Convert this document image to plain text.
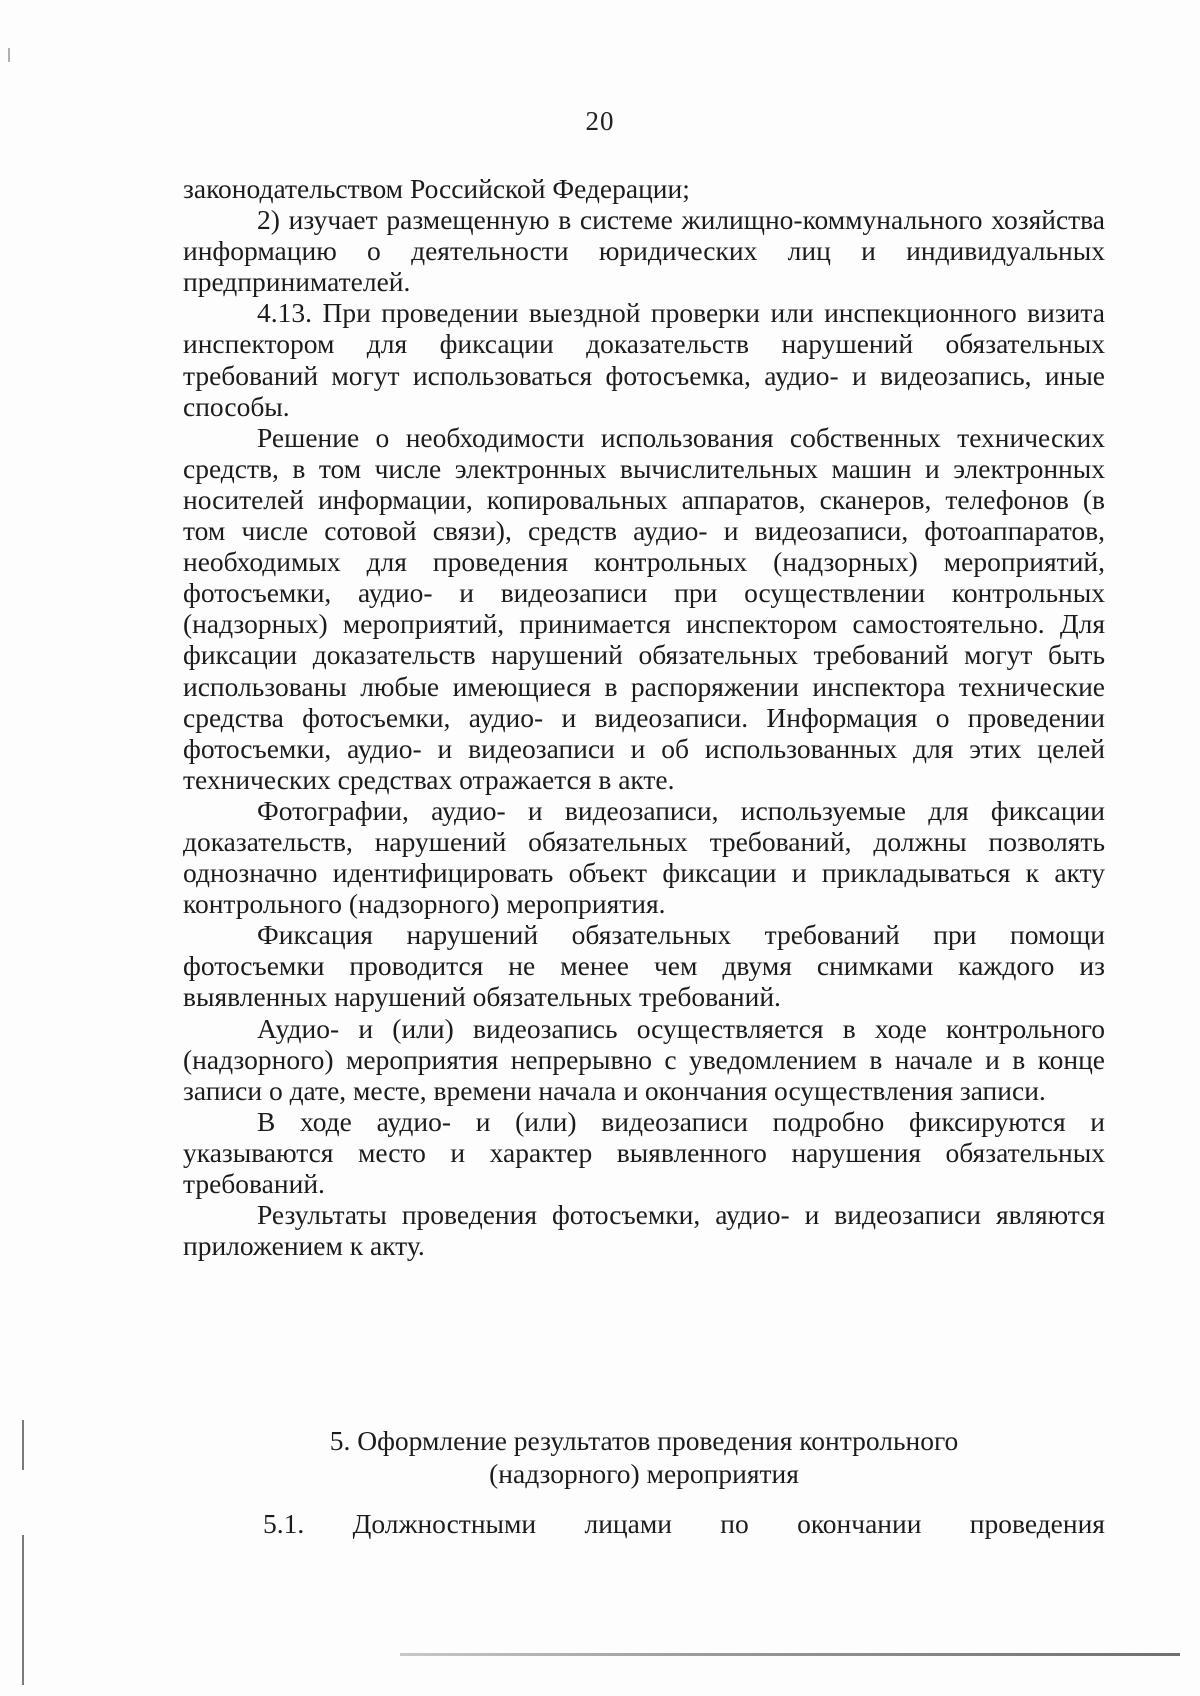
20

законодательством Российской Федерации;

2) изучает размещенную в системе жилищно-коммунального хозяйства информацию о деятельности юридических лиц и индивидуальных предпринимателей.

4.13. При проведении выездной проверки или инспекционного визита инспектором для фиксации доказательств нарушений обязательных требований могут использоваться фотосъемка, аудио- и видеозапись, иные способы.

Решение о необходимости использования собственных технических средств, в том числе электронных вычислительных машин и электронных носителей информации, копировальных аппаратов, сканеров, телефонов (в том числе сотовой связи), средств аудио- и видеозаписи, фотоаппаратов, необходимых для проведения контрольных (надзорных) мероприятий, фотосъемки, аудио- и видеозаписи при осуществлении контрольных (надзорных) мероприятий, принимается инспектором самостоятельно. Для фиксации доказательств нарушений обязательных требований могут быть использованы любые имеющиеся в распоряжении инспектора технические средства фотосъемки, аудио- и видеозаписи. Информация о проведении фотосъемки, аудио- и видеозаписи и об использованных для этих целей технических средствах отражается в акте.

Фотографии, аудио- и видеозаписи, используемые для фиксации доказательств, нарушений обязательных требований, должны позволять однозначно идентифицировать объект фиксации и прикладываться к акту контрольного (надзорного) мероприятия.

Фиксация нарушений обязательных требований при помощи фотосъемки проводится не менее чем двумя снимками каждого из выявленных нарушений обязательных требований.

Аудио- и (или) видеозапись осуществляется в ходе контрольного (надзорного) мероприятия непрерывно с уведомлением в начале и в конце записи о дате, месте, времени начала и окончания осуществления записи.

В ходе аудио- и (или) видеозаписи подробно фиксируются и указываются место и характер выявленного нарушения обязательных требований.

Результаты проведения фотосъемки, аудио- и видеозаписи являются приложением к акту.

5. Оформление результатов проведения контрольного
(надзорного) мероприятия
5.1. Должностными лицами по окончании проведения
